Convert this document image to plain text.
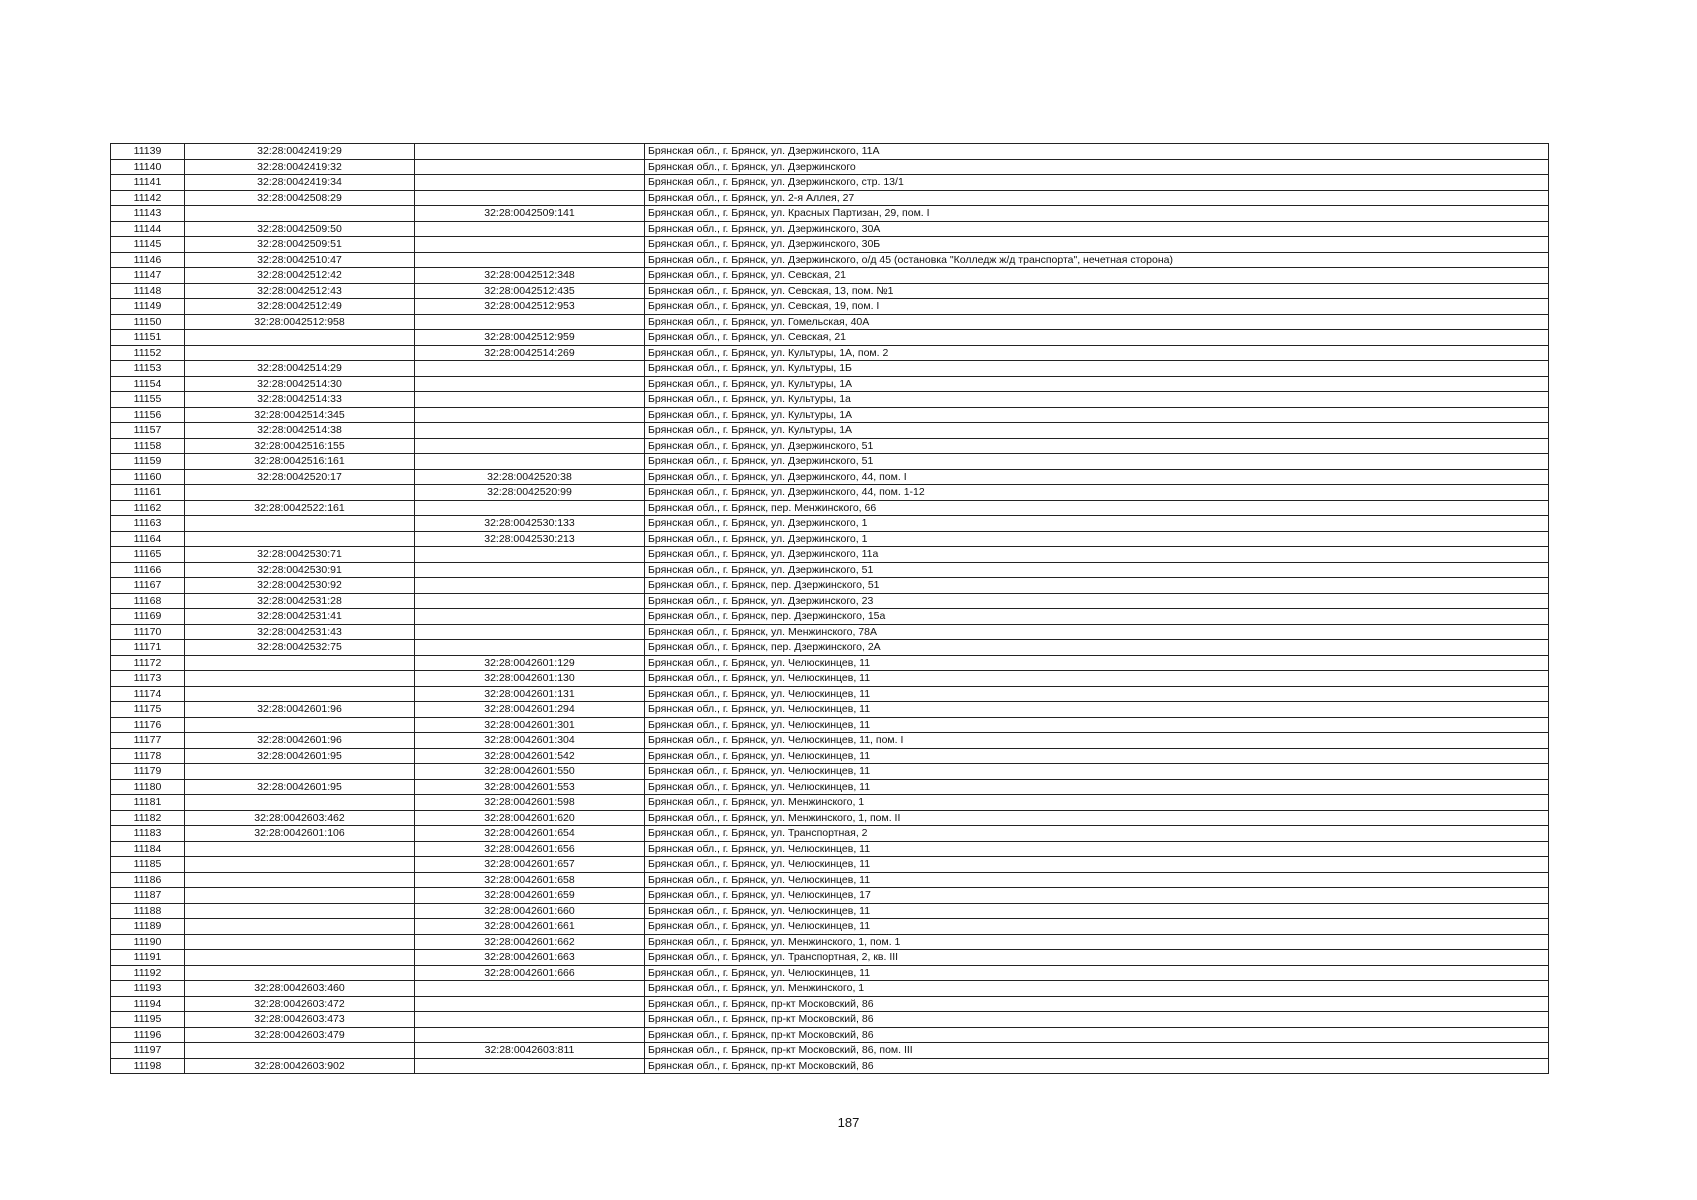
11139	32:28:0042419:29		Брянская обл., г. Брянск, ул. Дзержинского, 11А
11140	32:28:0042419:32		Брянская обл., г. Брянск, ул. Дзержинского
11141	32:28:0042419:34		Брянская обл., г. Брянск, ул. Дзержинского, стр. 13/1
11142	32:28:0042508:29		Брянская обл., г. Брянск, ул. 2-я Аллея, 27
11143		32:28:0042509:141	Брянская обл., г. Брянск, ул. Красных Партизан, 29, пом. I
11144	32:28:0042509:50		Брянская обл., г. Брянск, ул. Дзержинского, 30А
11145	32:28:0042509:51		Брянская обл., г. Брянск, ул. Дзержинского, 30Б
11146	32:28:0042510:47		Брянская обл., г. Брянск, ул. Дзержинского, о/д 45 (остановка "Колледж ж/д транспорта", нечетная сторона)
11147	32:28:0042512:42	32:28:0042512:348	Брянская обл., г. Брянск, ул. Севская, 21
11148	32:28:0042512:43	32:28:0042512:435	Брянская обл., г. Брянск, ул. Севская, 13, пом. №1
11149	32:28:0042512:49	32:28:0042512:953	Брянская обл., г. Брянск, ул. Севская, 19, пом. I
11150	32:28:0042512:958		Брянская обл., г. Брянск, ул. Гомельская, 40А
11151		32:28:0042512:959	Брянская обл., г. Брянск, ул. Севская, 21
11152		32:28:0042514:269	Брянская обл., г. Брянск, ул. Культуры, 1А, пом. 2
11153	32:28:0042514:29		Брянская обл., г. Брянск, ул. Культуры, 1Б
11154	32:28:0042514:30		Брянская обл., г. Брянск, ул. Культуры, 1А
11155	32:28:0042514:33		Брянская обл., г. Брянск, ул. Культуры, 1а
11156	32:28:0042514:345		Брянская обл., г. Брянск, ул. Культуры, 1А
11157	32:28:0042514:38		Брянская обл., г. Брянск, ул. Культуры, 1А
11158	32:28:0042516:155		Брянская обл., г. Брянск, ул. Дзержинского, 51
11159	32:28:0042516:161		Брянская обл., г. Брянск, ул. Дзержинского, 51
11160	32:28:0042520:17	32:28:0042520:38	Брянская обл., г. Брянск, ул. Дзержинского, 44, пом. I
11161		32:28:0042520:99	Брянская обл., г. Брянск, ул. Дзержинского, 44, пом. 1-12
11162	32:28:0042522:161		Брянская обл., г. Брянск, пер. Менжинского, 66
11163		32:28:0042530:133	Брянская обл., г. Брянск, ул. Дзержинского, 1
11164		32:28:0042530:213	Брянская обл., г. Брянск, ул. Дзержинского, 1
11165	32:28:0042530:71		Брянская обл., г. Брянск, ул. Дзержинского, 11а
11166	32:28:0042530:91		Брянская обл., г. Брянск, ул. Дзержинского, 51
11167	32:28:0042530:92		Брянская обл., г. Брянск, пер. Дзержинского, 51
11168	32:28:0042531:28		Брянская обл., г. Брянск, ул. Дзержинского, 23
11169	32:28:0042531:41		Брянская обл., г. Брянск, пер. Дзержинского, 15а
11170	32:28:0042531:43		Брянская обл., г. Брянск, ул. Менжинского, 78А
11171	32:28:0042532:75		Брянская обл., г. Брянск, пер. Дзержинского, 2А
11172		32:28:0042601:129	Брянская обл., г. Брянск, ул. Челюскинцев, 11
11173		32:28:0042601:130	Брянская обл., г. Брянск, ул. Челюскинцев, 11
11174		32:28:0042601:131	Брянская обл., г. Брянск, ул. Челюскинцев, 11
11175	32:28:0042601:96	32:28:0042601:294	Брянская обл., г. Брянск, ул. Челюскинцев, 11
11176		32:28:0042601:301	Брянская обл., г. Брянск, ул. Челюскинцев, 11
11177	32:28:0042601:96	32:28:0042601:304	Брянская обл., г. Брянск, ул. Челюскинцев, 11, пом. I
11178	32:28:0042601:95	32:28:0042601:542	Брянская обл., г. Брянск, ул. Челюскинцев, 11
11179		32:28:0042601:550	Брянская обл., г. Брянск, ул. Челюскинцев, 11
11180	32:28:0042601:95	32:28:0042601:553	Брянская обл., г. Брянск, ул. Челюскинцев, 11
11181		32:28:0042601:598	Брянская обл., г. Брянск, ул. Менжинского, 1
11182	32:28:0042603:462	32:28:0042601:620	Брянская обл., г. Брянск, ул. Менжинского, 1, пом. II
11183	32:28:0042601:106	32:28:0042601:654	Брянская обл., г. Брянск, ул. Транспортная, 2
11184		32:28:0042601:656	Брянская обл., г. Брянск, ул. Челюскинцев, 11
11185		32:28:0042601:657	Брянская обл., г. Брянск, ул. Челюскинцев, 11
11186		32:28:0042601:658	Брянская обл., г. Брянск, ул. Челюскинцев, 11
11187		32:28:0042601:659	Брянская обл., г. Брянск, ул. Челюскинцев, 17
11188		32:28:0042601:660	Брянская обл., г. Брянск, ул. Челюскинцев, 11
11189		32:28:0042601:661	Брянская обл., г. Брянск, ул. Челюскинцев, 11
11190		32:28:0042601:662	Брянская обл., г. Брянск, ул. Менжинского, 1, пом. 1
11191		32:28:0042601:663	Брянская обл., г. Брянск, ул. Транспортная, 2, кв. III
11192		32:28:0042601:666	Брянская обл., г. Брянск, ул. Челюскинцев, 11
11193	32:28:0042603:460		Брянская обл., г. Брянск, ул. Менжинского, 1
11194	32:28:0042603:472		Брянская обл., г. Брянск, пр-кт Московский, 86
11195	32:28:0042603:473		Брянская обл., г. Брянск, пр-кт Московский, 86
11196	32:28:0042603:479		Брянская обл., г. Брянск, пр-кт Московский, 86
11197		32:28:0042603:811	Брянская обл., г. Брянск, пр-кт Московский, 86, пом. III
11198	32:28:0042603:902		Брянская обл., г. Брянск, пр-кт Московский, 86
187
